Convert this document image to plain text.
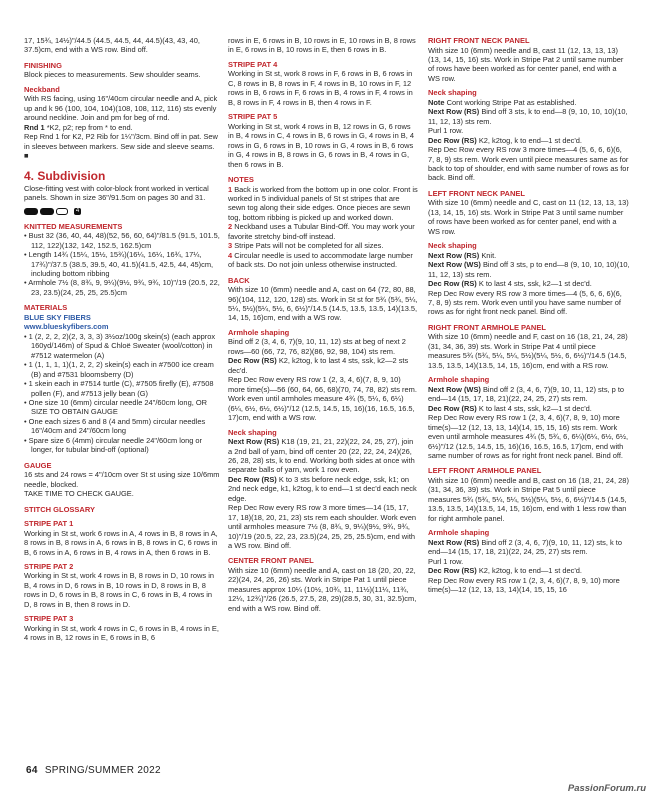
17, 15¾, 14½)"/44.5 (44.5, 44.5, 44, 44.5)(43, 43, 40, 37.5)cm, end with a WS row. Bind off.

FINISHING

Block pieces to measurements. Sew shoulder seams.

Neckband

With RS facing, using 16"/40cm circular needle and A, pick up and k 96 (100, 104, 104)(108, 108, 112, 116) sts evenly around neckline. Join and pm for beg of rnd.

Rnd 1 *K2, p2; rep from * to end.

Rep Rnd 1 for K2, P2 Rib for 1¼"/3cm. Bind off in pat. Sew in sleeves between markers. Sew side and sleeve seams. ■

4. Subdivision

Close-fitting vest with color-block front worked in vertical panels. Shown in size 36"/91.5cm on pages 30 and 31.

4
KNITTED MEASUREMENTS
• Bust 32 (36, 40, 44, 48)(52, 56, 60, 64)"/81.5 (91.5, 101.5, 112, 122)(132, 142, 152.5, 162.5)cm
• Length 14¾ (15¼, 15½, 15¾)(16¼, 16¼, 16¾, 17¼, 17¾)"/37.5 (38.5, 39.5, 40, 41.5)(41.5, 42.5, 44, 45)cm, including bottom ribbing
• Armhole 7½ (8, 8¾, 9, 9¼)(9½, 9¾, 9¾, 10)"/19 (20.5, 22, 23, 23.5)(24, 25, 25, 25.5)cm
MATERIALS
BLUE SKY FIBERS
www.blueskyfibers.com
• 1 (2, 2, 2, 2)(2, 3, 3, 3) 3½oz/100g skein(s) (each approx 160yd/146m) of Spud & Chloë Sweater (wool/cotton) in #7512 watermelon (A)
• 1 (1, 1, 1, 1)(1, 2, 2, 2) skein(s) each in #7500 ice cream (B) and #7531 bloomsberry (D)
• 1 skein each in #7514 turtle (C), #7505 firefly (E), #7508 pollen (F), and #7513 jelly bean (G)
• One size 10 (6mm) circular needle 24"/60cm long, OR SIZE TO OBTAIN GAUGE
• One each sizes 6 and 8 (4 and 5mm) circular needles 16"/40cm and 24"/60cm long
• Spare size 6 (4mm) circular needle 24"/60cm long or longer, for tubular bind-off (optional)
GAUGE

16 sts and 24 rows = 4"/10cm over St st using size 10/6mm needle, blocked.

TAKE TIME TO CHECK GAUGE.

STITCH GLOSSARY
STRIPE PAT 1

Working in St st, work 6 rows in A, 4 rows in B, 8 rows in A, 8 rows in B, 8 rows in A, 6 rows in B, 8 rows in C, 6 rows in B, 6 rows in A, 6 rows in B, 4 rows in A, then 6 rows in B.

STRIPE PAT 2

Working in St st, work 4 rows in B, 8 rows in D, 10 rows in B, 4 rows in D, 6 rows in B, 10 rows in D, 8 rows in B, 8 rows in D, 6 rows in B, 8 rows in C, 6 rows in B, 4 rows in D, 8 rows in B, then 8 rows in D.

STRIPE PAT 3

Working in St st, work 4 rows in C, 6 rows in B, 4 rows in E, 4 rows in B, 12 rows in E, 6 rows in B, 6

rows in E, 6 rows in B, 10 rows in E, 10 rows in B, 8 rows in E, 6 rows in B, 10 rows in E, then 6 rows in B.

STRIPE PAT 4

Working in St st, work 8 rows in F, 6 rows in B, 6 rows in C, 8 rows in B, 8 rows in F, 4 rows in B, 10 rows in F, 12 rows in B, 6 rows in F, 6 rows in B, 4 rows in F, 4 rows in B, 8 rows in F, 4 rows in B, then 4 rows in F.

STRIPE PAT 5

Working in St st, work 4 rows in B, 12 rows in G, 6 rows in B, 4 rows in C, 4 rows in B, 6 rows in G, 4 rows in B, 4 rows in G, 6 rows in B, 10 rows in G, 4 rows in B, 6 rows in G, 4 rows in B, 8 rows in G, 6 rows in B, 4 rows in G, then 6 rows in B.

NOTES

1 Back is worked from the bottom up in one color. Front is worked in 5 individual panels of St st stripes that are sewn tog along their side edges. Once pieces are sewn tog, bottom ribbing is picked up and worked down.

2 Neckband uses a Tubular Bind-Off. You may work your favorite stretchy bind-off instead.

3 Stripe Pats will not be completed for all sizes.

4 Circular needle is used to accommodate large number of back sts. Do not join unless otherwise instructed.

BACK

With size 10 (6mm) needle and A, cast on 64 (72, 80, 88, 96)(104, 112, 120, 128) sts. Work in St st for 5¾ (5¾, 5¼, 5¼, 5½)(5¼, 5½, 6, 6½)"/14.5 (14.5, 13.5, 13.5, 14)(13.5, 14, 15, 16)cm, end with a WS row.

Armhole shaping

Bind off 2 (3, 4, 6, 7)(9, 10, 11, 12) sts at beg of next 2 rows—60 (66, 72, 76, 82)(86, 92, 98, 104) sts rem.

Dec Row (RS) K2, k2tog, k to last 4 sts, ssk, k2—2 sts dec'd.

Rep Dec Row every RS row 1 (2, 3, 4, 6)(7, 8, 9, 10) more time(s)—56 (60, 64, 66, 68)(70, 74, 78, 82) sts rem. Work even until armholes measure 4¾ (5, 5¼, 6, 6¼)(6¼, 6½, 6½, 6½)"/12 (12.5, 14.5, 15, 16)(16, 16.5, 16.5, 17)cm, end with a WS row.

Neck shaping

Next Row (RS) K18 (19, 21, 21, 22)(22, 24, 25, 27), join a 2nd ball of yarn, bind off center 20 (22, 22, 24, 24)(26, 26, 28, 28) sts, k to end. Working both sides at once with separate balls of yarn, work 1 row even.

Dec Row (RS) K to 3 sts before neck edge, ssk, k1; on 2nd neck edge, k1, k2tog, k to end—1 st dec'd each neck edge.

Rep Dec Row every RS row 3 more times—14 (15, 17, 17, 18)(18, 20, 21, 23) sts rem each shoulder. Work even until armholes measure 7½ (8, 8¾, 9, 9¼)(9½, 9¾, 9¾, 10)"/19 (20.5, 22, 23, 23.5)(24, 25, 25, 25.5)cm, end with a WS row. Bind off.

CENTER FRONT PANEL

With size 10 (6mm) needle and A, cast on 18 (20, 20, 22, 22)(24, 24, 26, 26) sts. Work in Stripe Pat 1 until piece measures approx 10¼ (10½, 10¾, 11, 11½)(11¼, 11¾, 12¼, 12¾)"/26 (26.5, 27.5, 28, 29)(28.5, 30, 31, 32.5)cm, end with a WS row. Bind off.

RIGHT FRONT NECK PANEL

With size 10 (6mm) needle and B, cast 11 (12, 13, 13, 13)(13, 14, 15, 16) sts. Work in Stripe Pat 2 until same number of rows have been worked as for center panel, end with a WS row.

Neck shaping

Note Cont working Stripe Pat as established.

Next Row (RS) Bind off 3 sts, k to end—8 (9, 10, 10, 10)(10, 11, 12, 13) sts rem.

Purl 1 row.

Dec Row (RS) K2, k2tog, k to end—1 st dec'd.

Rep Dec Row every RS row 3 more times—4 (5, 6, 6, 6)(6, 7, 8, 9) sts rem. Work even until piece measures same as for back to top of shoulder, end with same number of rows as for back. Bind off.

LEFT FRONT NECK PANEL

With size 10 (6mm) needle and C, cast on 11 (12, 13, 13, 13)(13, 14, 15, 16) sts. Work in Stripe Pat 3 until same number of rows have been worked as for center panel, end with a WS row.

Neck shaping

Next Row (RS) Knit.

Next Row (WS) Bind off 3 sts, p to end—8 (9, 10, 10, 10)(10, 11, 12, 13) sts rem.

Dec Row (RS) K to last 4 sts, ssk, k2—1 st dec'd.

Rep Dec Row every RS row 3 more times—4 (5, 6, 6, 6)(6, 7, 8, 9) sts rem. Work even until you have same number of rows as for right front neck panel. Bind off.

RIGHT FRONT ARMHOLE PANEL

With size 10 (6mm) needle and F, cast on 16 (18, 21, 24, 28)(31, 34, 36, 39) sts. Work in Stripe Pat 4 until piece measures 5¾ (5¾, 5¼, 5¼, 5½)(5¼, 5½, 6, 6½)"/14.5 (14.5, 13.5, 13.5, 14)(13.5, 14, 15, 16)cm, end with a RS row.

Armhole shaping

Next Row (WS) Bind off 2 (3, 4, 6, 7)(9, 10, 11, 12) sts, p to end—14 (15, 17, 18, 21)(22, 24, 25, 27) sts rem.

Dec Row (RS) K to last 4 sts, ssk, k2—1 st dec'd.

Rep Dec Row every RS row 1 (2, 3, 4, 6)(7, 8, 9, 10) more time(s)—12 (12, 13, 13, 14)(14, 15, 15, 16) sts rem. Work even until armhole measures 4¾ (5, 5¾, 6, 6¼)(6¼, 6½, 6½, 6½)"/12 (12.5, 14.5, 15, 16)(16, 16.5, 16.5, 17)cm, end with same number of rows as for right front neck panel. Bind off.

LEFT FRONT ARMHOLE PANEL

With size 10 (6mm) needle and B, cast on 16 (18, 21, 24, 28)(31, 34, 36, 39) sts. Work in Stripe Pat 5 until piece measures 5¾ (5¾, 5¼, 5¼, 5½)(5¼, 5½, 6, 6½)"/14.5 (14.5, 13.5, 13.5, 14)(13.5, 14, 15, 16)cm, end with 1 less row than for right armhole panel.

Armhole shaping

Next Row (RS) Bind off 2 (3, 4, 6, 7)(9, 10, 11, 12) sts, k to end—14 (15, 17, 18, 21)(22, 24, 25, 27) sts rem.

Purl 1 row.

Dec Row (RS) K2, k2tog, k to end—1 st dec'd.

Rep Dec Row every RS row 1 (2, 3, 4, 6)(7, 8, 9, 10) more time(s)—12 (12, 13, 13, 14)(14, 15, 15, 16

64 SPRING/SUMMER 2022
PassionForum.ru
